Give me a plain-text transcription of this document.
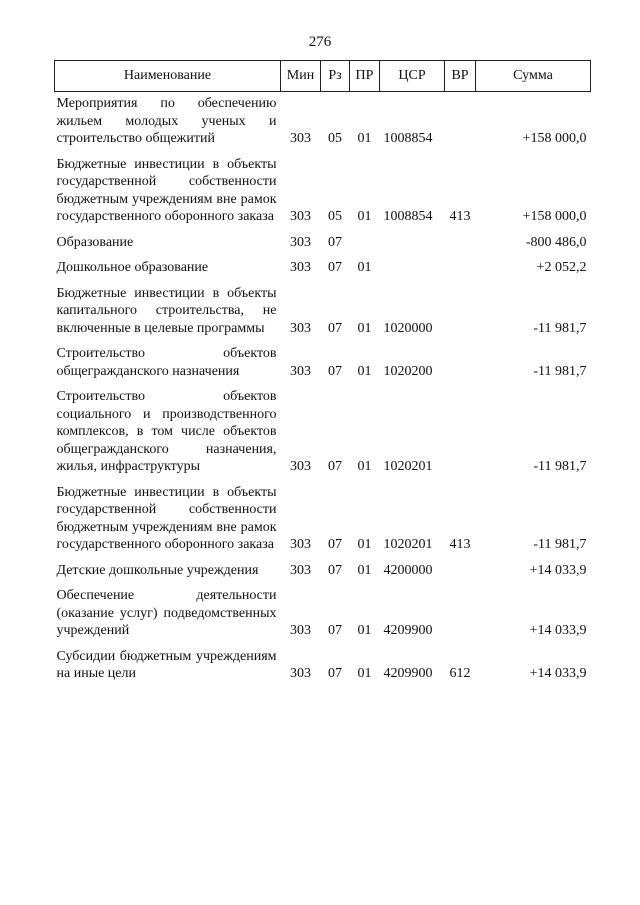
276
Наименование	Мин	Рз	ПР	ЦСР	ВР	Сумма
Мероприятия по обеспечению жильем молодых ученых и строительство общежитий	303	05	01	1008854		+158 000,0
Бюджетные инвестиции в объекты государственной собственности бюджетным учреждениям вне рамок государственного оборонного заказа	303	05	01	1008854	413	+158 000,0
Образование	303	07				-800 486,0
Дошкольное образование	303	07	01			+2 052,2
Бюджетные инвестиции в объекты капитального строительства, не включенные в целевые программы	303	07	01	1020000		-11 981,7
Строительство объектов общегражданского назначения	303	07	01	1020200		-11 981,7
Строительство объектов социального и производственного комплексов, в том числе объектов общегражданского назначения, жилья, инфраструктуры	303	07	01	1020201		-11 981,7
Бюджетные инвестиции в объекты государственной собственности бюджетным учреждениям вне рамок государственного оборонного заказа	303	07	01	1020201	413	-11 981,7
Детские дошкольные учреждения	303	07	01	4200000		+14 033,9
Обеспечение деятельности (оказание услуг) подведомственных учреждений	303	07	01	4209900		+14 033,9
Субсидии бюджетным учреждениям на иные цели	303	07	01	4209900	612	+14 033,9
